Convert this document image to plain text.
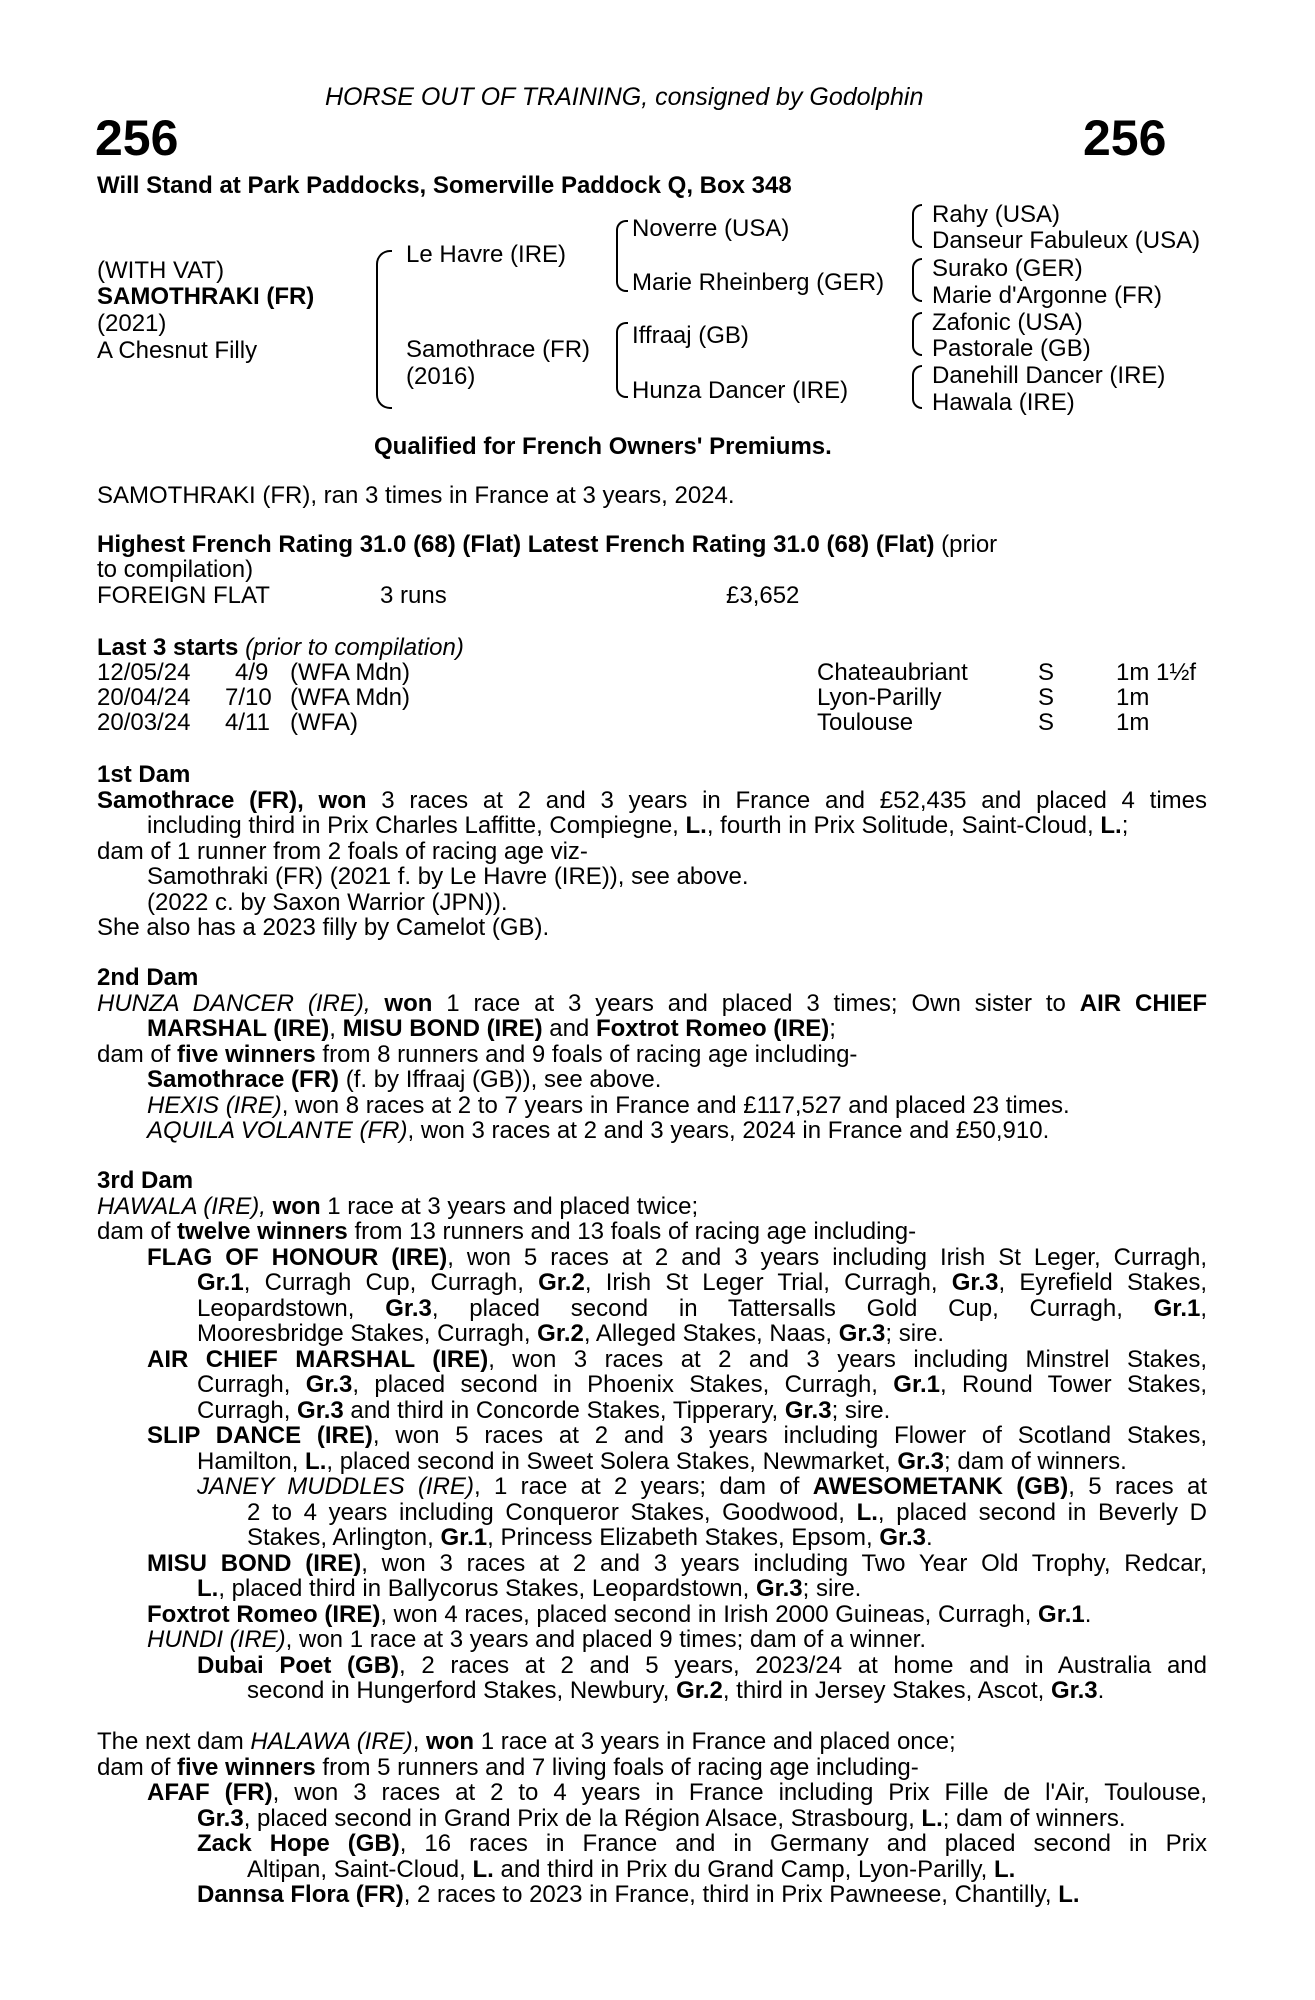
HORSE OUT OF TRAINING, consigned by Godolphin
256	256
Will Stand at Park Paddocks, Somerville Paddock Q, Box 348
(WITH VAT)
SAMOTHRAKI (FR)
(2021)
A Chesnut Filly
Le Havre (IRE)
Samothrace (FR)
(2016)
Noverre (USA)
Marie Rheinberg (GER)
Iffraaj (GB)
Hunza Dancer (IRE)
Rahy (USA)
Danseur Fabuleux (USA)
Surako (GER)
Marie d'Argonne (FR)
Zafonic (USA)
Pastorale (GB)
Danehill Dancer (IRE)
Hawala (IRE)
Qualified for French Owners' Premiums.
SAMOTHRAKI (FR), ran 3 times in France at 3 years, 2024.
Highest French Rating 31.0 (68) (Flat) Latest French Rating 31.0 (68) (Flat) (prior
to compilation)
FOREIGN FLAT	3 runs	£3,652
Last 3 starts (prior to compilation)
12/05/24 4/9 (WFA Mdn)	Chateaubriant	S	1m 1½f
20/04/24 7/10 (WFA Mdn)	Lyon-Parilly	S	1m
20/03/24 4/11 (WFA)	Toulouse	S	1m
1st Dam
Samothrace (FR), won 3 races at 2 and 3 years in France and £52,435 and placed 4 times
including third in Prix Charles Laffitte, Compiegne, L., fourth in Prix Solitude, Saint-Cloud, L.;
dam of 1 runner from 2 foals of racing age viz-
Samothraki (FR) (2021 f. by Le Havre (IRE)), see above.
(2022 c. by Saxon Warrior (JPN)).
She also has a 2023 filly by Camelot (GB).
2nd Dam
HUNZA DANCER (IRE), won 1 race at 3 years and placed 3 times; Own sister to AIR CHIEF
MARSHAL (IRE), MISU BOND (IRE) and Foxtrot Romeo (IRE);
dam of five winners from 8 runners and 9 foals of racing age including-
Samothrace (FR) (f. by Iffraaj (GB)), see above.
HEXIS (IRE), won 8 races at 2 to 7 years in France and £117,527 and placed 23 times.
AQUILA VOLANTE (FR), won 3 races at 2 and 3 years, 2024 in France and £50,910.
3rd Dam
HAWALA (IRE), won 1 race at 3 years and placed twice;
dam of twelve winners from 13 runners and 13 foals of racing age including-
FLAG OF HONOUR (IRE), won 5 races at 2 and 3 years including Irish St Leger, Curragh,
Gr.1, Curragh Cup, Curragh, Gr.2, Irish St Leger Trial, Curragh, Gr.3, Eyrefield Stakes,
Leopardstown, Gr.3, placed second in Tattersalls Gold Cup, Curragh, Gr.1,
Mooresbridge Stakes, Curragh, Gr.2, Alleged Stakes, Naas, Gr.3; sire.
AIR CHIEF MARSHAL (IRE), won 3 races at 2 and 3 years including Minstrel Stakes,
Curragh, Gr.3, placed second in Phoenix Stakes, Curragh, Gr.1, Round Tower Stakes,
Curragh, Gr.3 and third in Concorde Stakes, Tipperary, Gr.3; sire.
SLIP DANCE (IRE), won 5 races at 2 and 3 years including Flower of Scotland Stakes,
Hamilton, L., placed second in Sweet Solera Stakes, Newmarket, Gr.3; dam of winners.
JANEY MUDDLES (IRE), 1 race at 2 years; dam of AWESOMETANK (GB), 5 races at
2 to 4 years including Conqueror Stakes, Goodwood, L., placed second in Beverly D
Stakes, Arlington, Gr.1, Princess Elizabeth Stakes, Epsom, Gr.3.
MISU BOND (IRE), won 3 races at 2 and 3 years including Two Year Old Trophy, Redcar,
L., placed third in Ballycorus Stakes, Leopardstown, Gr.3; sire.
Foxtrot Romeo (IRE), won 4 races, placed second in Irish 2000 Guineas, Curragh, Gr.1.
HUNDI (IRE), won 1 race at 3 years and placed 9 times; dam of a winner.
Dubai Poet (GB), 2 races at 2 and 5 years, 2023/24 at home and in Australia and
second in Hungerford Stakes, Newbury, Gr.2, third in Jersey Stakes, Ascot, Gr.3.
The next dam HALAWA (IRE), won 1 race at 3 years in France and placed once;
dam of five winners from 5 runners and 7 living foals of racing age including-
AFAF (FR), won 3 races at 2 to 4 years in France including Prix Fille de l'Air, Toulouse,
Gr.3, placed second in Grand Prix de la Région Alsace, Strasbourg, L.; dam of winners.
Zack Hope (GB), 16 races in France and in Germany and placed second in Prix
Altipan, Saint-Cloud, L. and third in Prix du Grand Camp, Lyon-Parilly, L.
Dannsa Flora (FR), 2 races to 2023 in France, third in Prix Pawneese, Chantilly, L.
